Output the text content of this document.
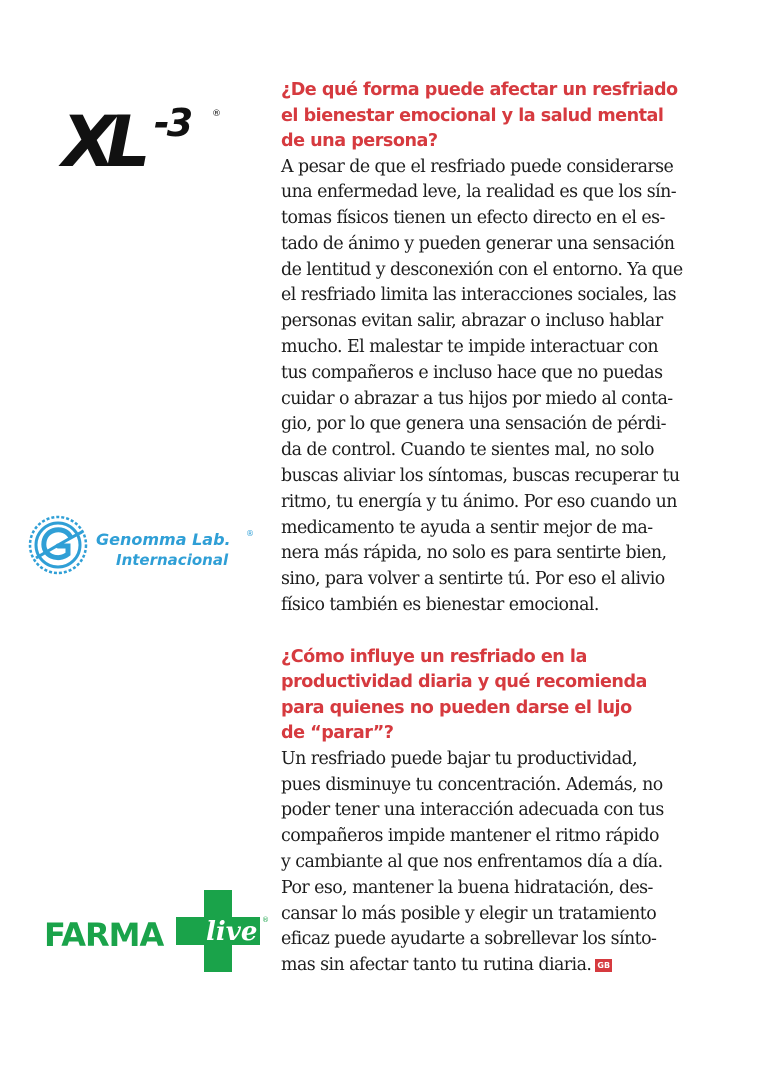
XL -3 ®
Genomma Lab. ®
Internacional
FARMA live ®
¿De qué forma puede afectar un resfriado
el bienestar emocional y la salud mental
de una persona?

A pesar de que el resfriado puede considerarse
una enfermedad leve, la realidad es que los sín-
tomas físicos tienen un efecto directo en el es-
tado de ánimo y pueden generar una sensación
de lentitud y desconexión con el entorno. Ya que
el resfriado limita las interacciones sociales, las
personas evitan salir, abrazar o incluso hablar
mucho. El malestar te impide interactuar con
tus compañeros e incluso hace que no puedas
cuidar o abrazar a tus hijos por miedo al conta-
gio, por lo que genera una sensación de pérdi-
da de control. Cuando te sientes mal, no solo
buscas aliviar los síntomas, buscas recuperar tu
ritmo, tu energía y tu ánimo. Por eso cuando un
medicamento te ayuda a sentir mejor de ma-
nera más rápida, no solo es para sentirte bien,
sino, para volver a sentirte tú. Por eso el alivio
físico también es bienestar emocional.

¿Cómo influye un resfriado en la
productividad diaria y qué recomienda
para quienes no pueden darse el lujo
de “parar”?

Un resfriado puede bajar tu productividad,
pues disminuye tu concentración. Además, no
poder tener una interacción adecuada con tus
compañeros impide mantener el ritmo rápido
y cambiante al que nos enfrentamos día a día.
Por eso, mantener la buena hidratación, des-
cansar lo más posible y elegir un tratamiento
eficaz puede ayudarte a sobrellevar los sínto-
mas sin afectar tanto tu rutina diaria. GB
